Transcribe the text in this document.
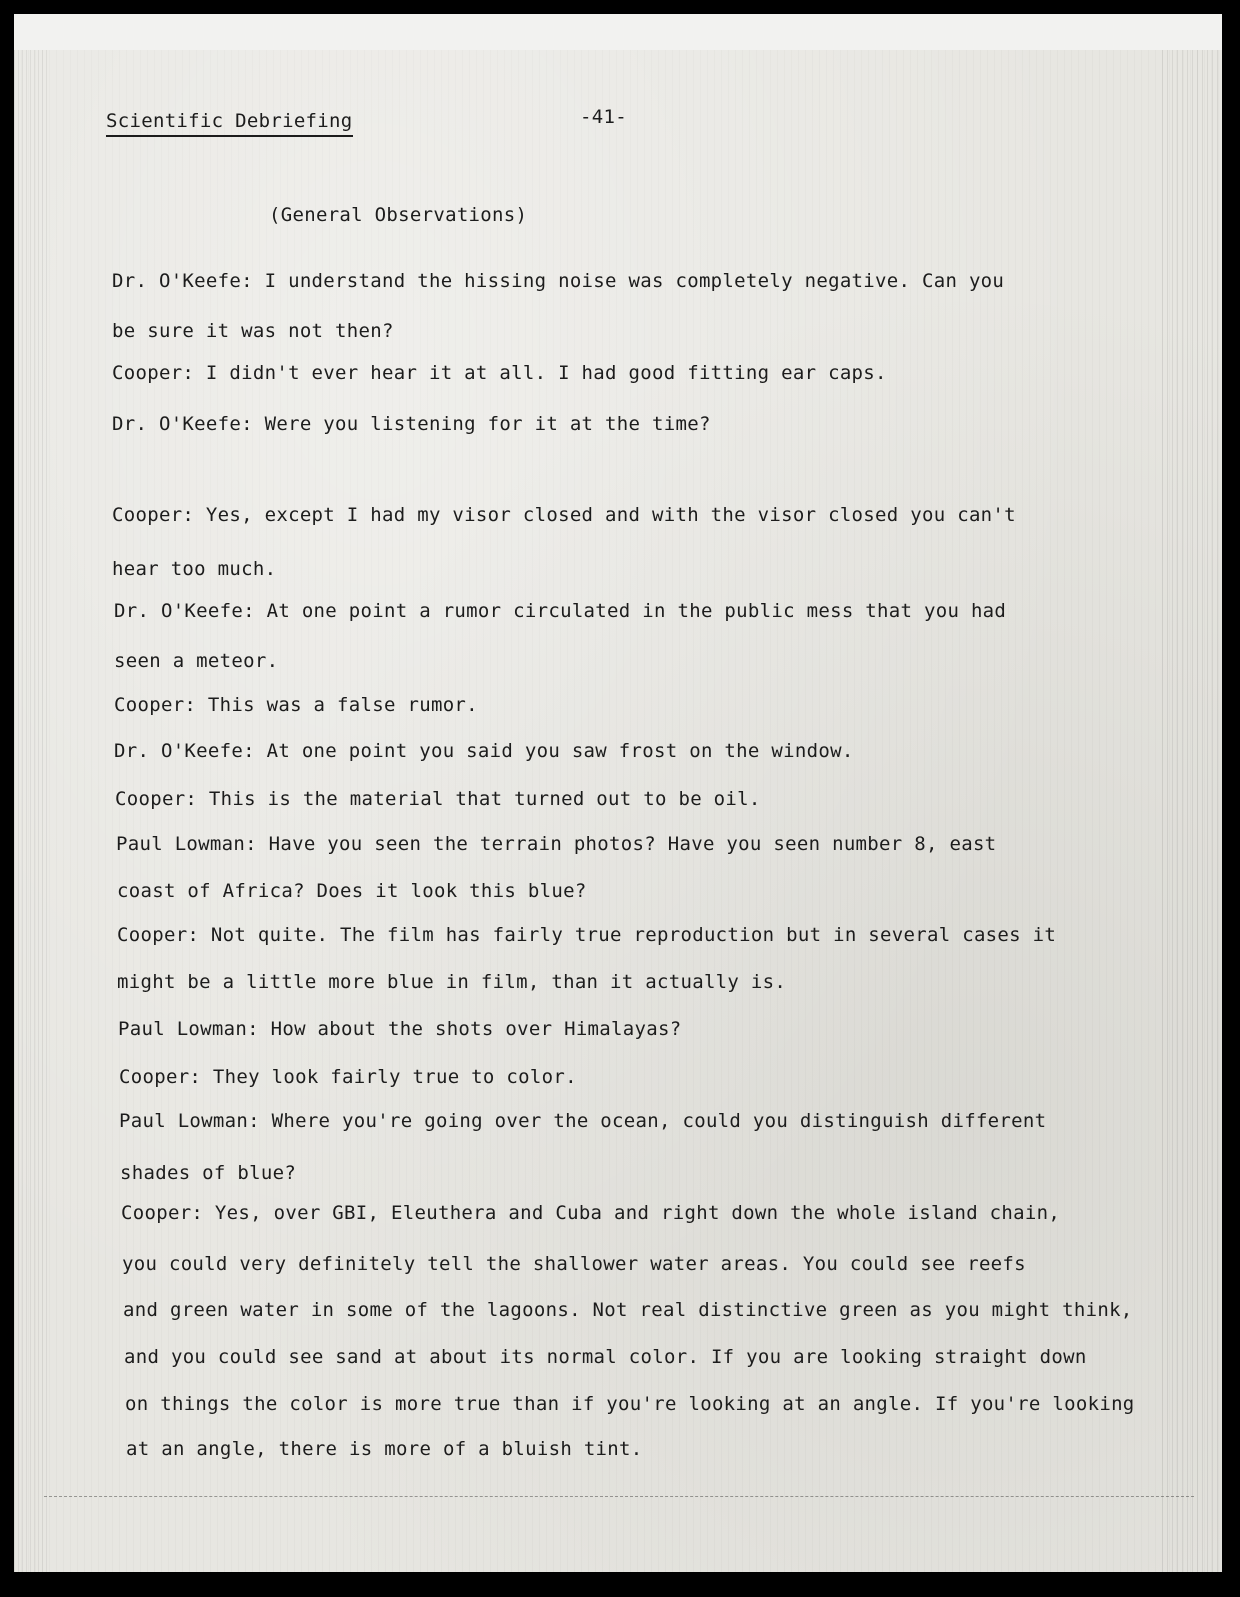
Scientific Debriefing	-41-
(General Observations)
Dr. O'Keefe: I understand the hissing noise was completely negative. Can you
be sure it was not then?
Cooper: I didn't ever hear it at all. I had good fitting ear caps.
Dr. O'Keefe: Were you listening for it at the time?
Cooper: Yes, except I had my visor closed and with the visor closed you can't
hear too much.
Dr. O'Keefe: At one point a rumor circulated in the public mess that you had
seen a meteor.
Cooper: This was a false rumor.
Dr. O'Keefe: At one point you said you saw frost on the window.
Cooper: This is the material that turned out to be oil.
Paul Lowman: Have you seen the terrain photos? Have you seen number 8, east
coast of Africa? Does it look this blue?
Cooper: Not quite. The film has fairly true reproduction but in several cases it
might be a little more blue in film, than it actually is.
Paul Lowman: How about the shots over Himalayas?
Cooper: They look fairly true to color.
Paul Lowman: Where you're going over the ocean, could you distinguish different
shades of blue?
Cooper: Yes, over GBI, Eleuthera and Cuba and right down the whole island chain,
you could very definitely tell the shallower water areas. You could see reefs
and green water in some of the lagoons. Not real distinctive green as you might think,
and you could see sand at about its normal color. If you are looking straight down
on things the color is more true than if you're looking at an angle. If you're looking
at an angle, there is more of a bluish tint.
